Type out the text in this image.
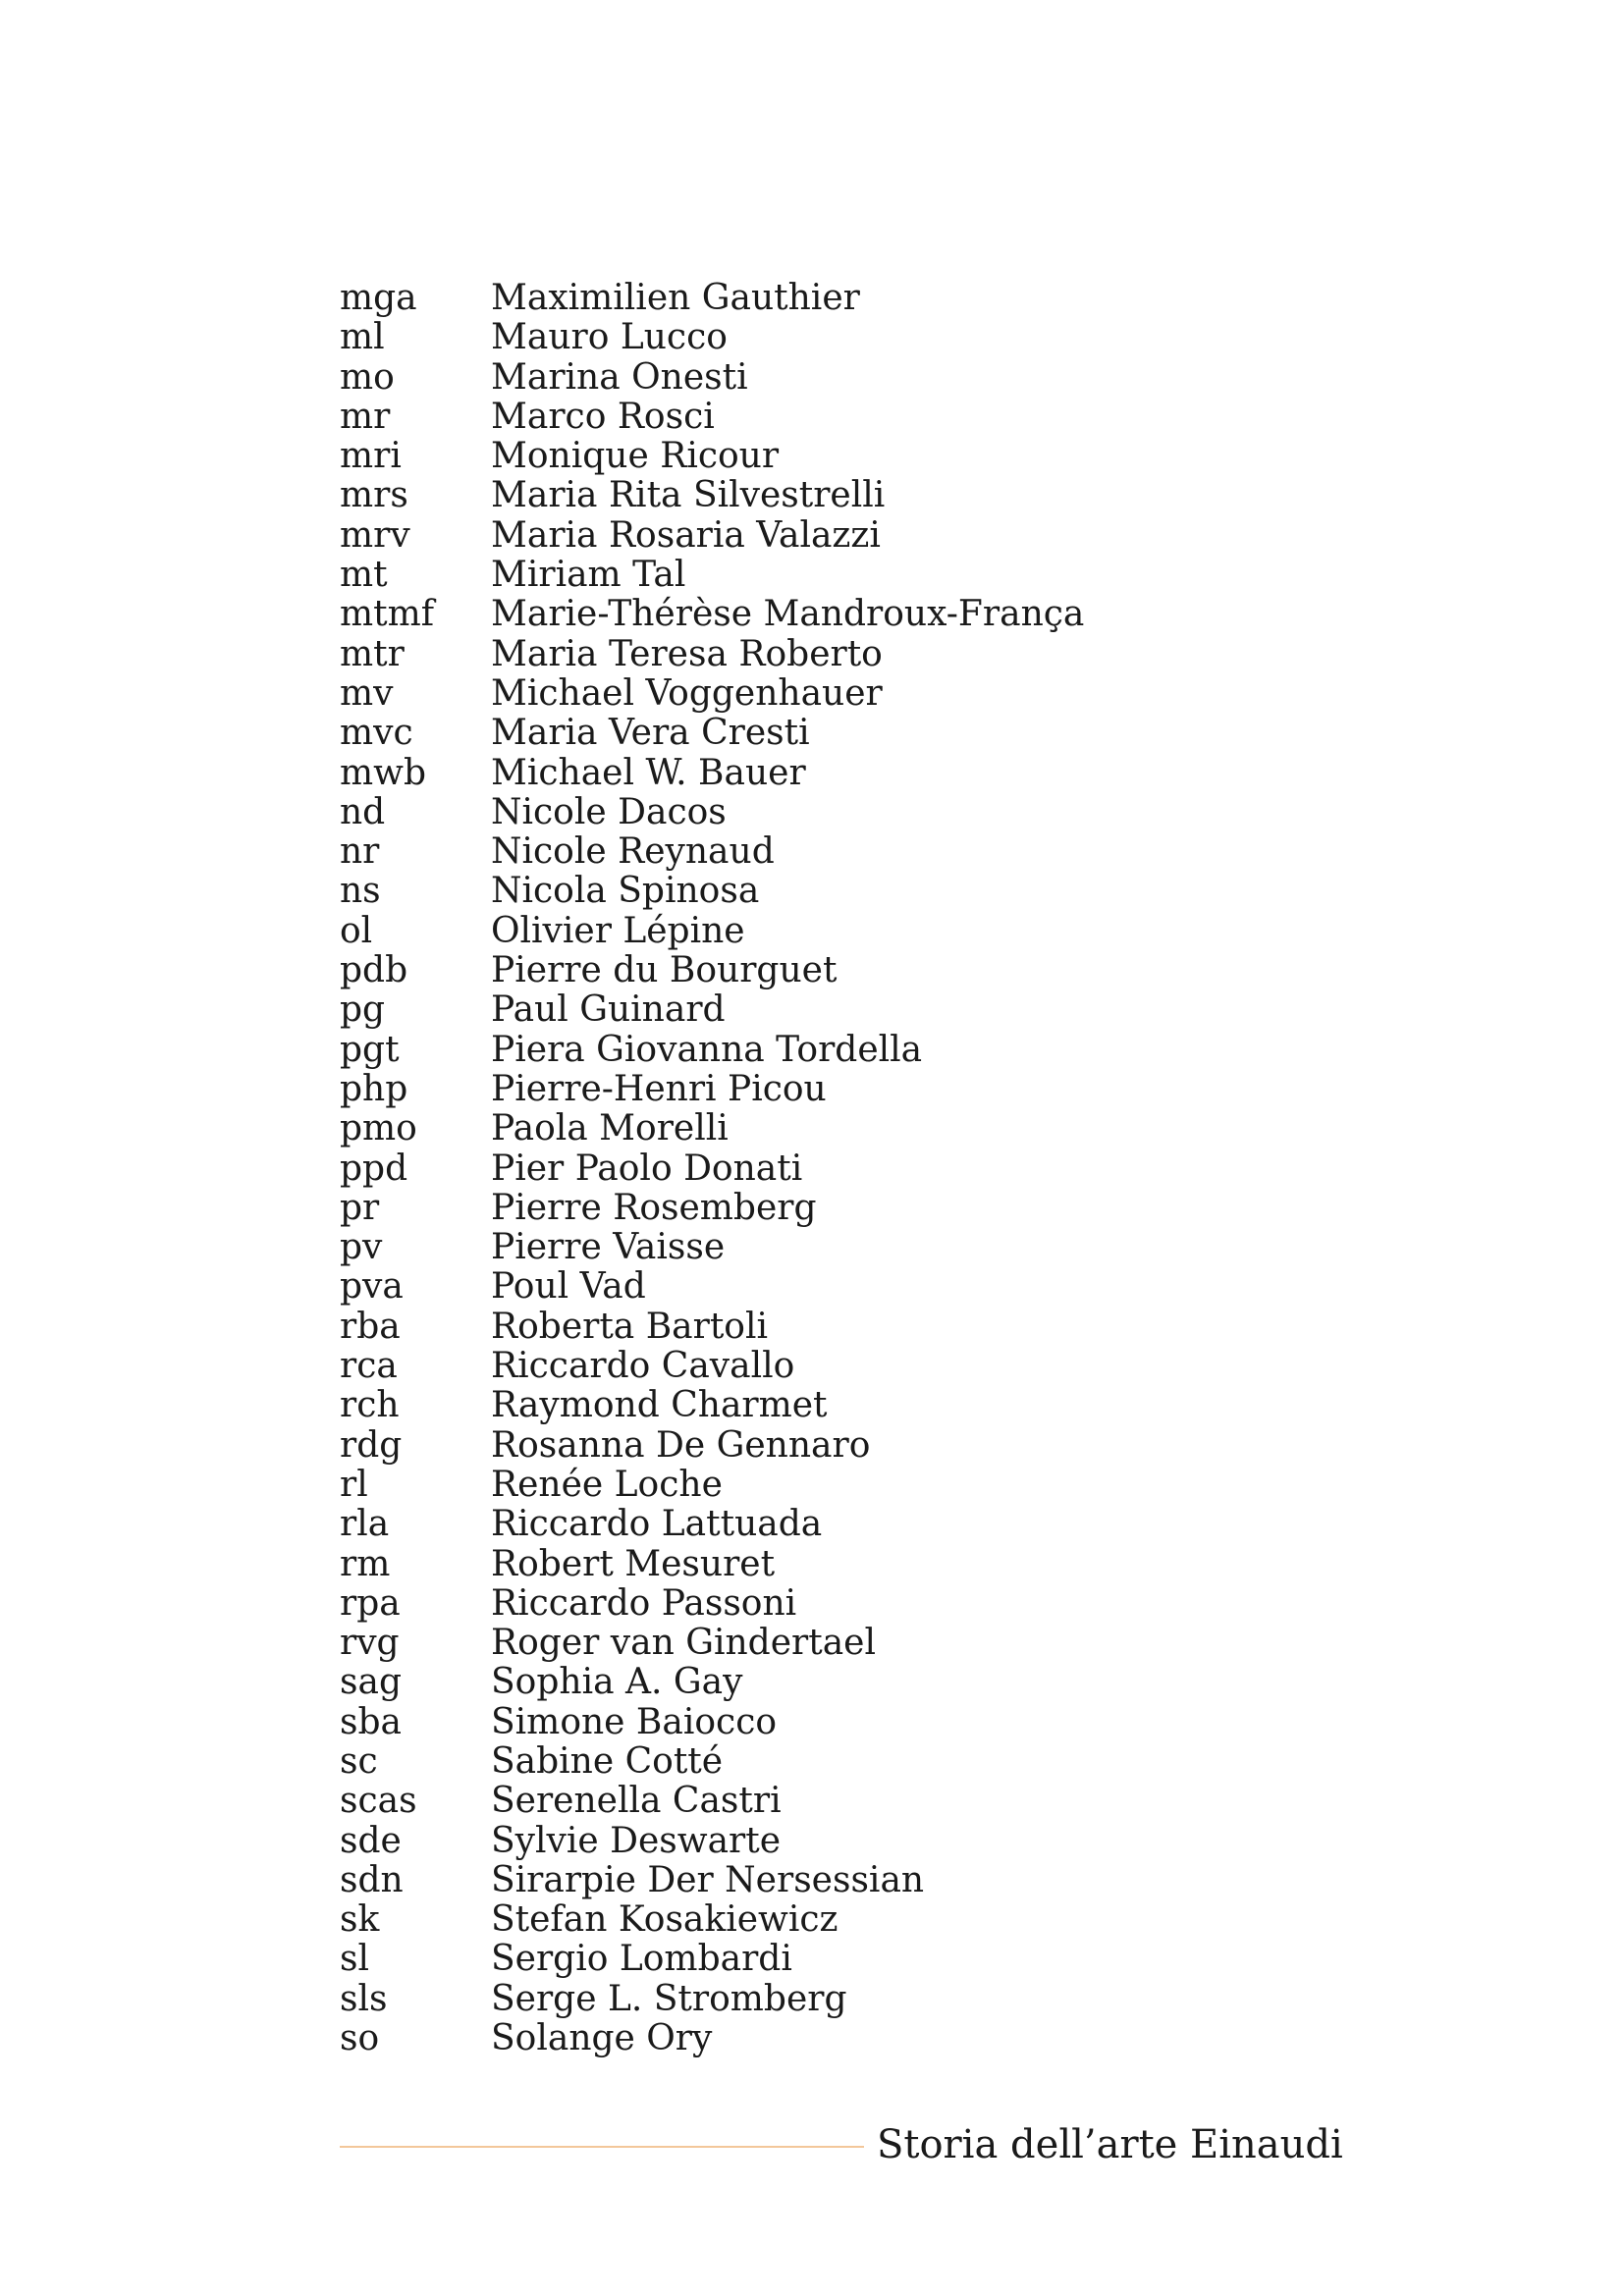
mga	Maximilien Gauthier
ml	Mauro Lucco
mo	Marina Onesti
mr	Marco Rosci
mri	Monique Ricour
mrs	Maria Rita Silvestrelli
mrv	Maria Rosaria Valazzi
mt	Miriam Tal
mtmf	Marie-Thérèse Mandroux-França
mtr	Maria Teresa Roberto
mv	Michael Voggenhauer
mvc	Maria Vera Cresti
mwb	Michael W. Bauer
nd	Nicole Dacos
nr	Nicole Reynaud
ns	Nicola Spinosa
ol	Olivier Lépine
pdb	Pierre du Bourguet
pg	Paul Guinard
pgt	Piera Giovanna Tordella
php	Pierre-Henri Picou
pmo	Paola Morelli
ppd	Pier Paolo Donati
pr	Pierre Rosemberg
pv	Pierre Vaisse
pva	Poul Vad
rba	Roberta Bartoli
rca	Riccardo Cavallo
rch	Raymond Charmet
rdg	Rosanna De Gennaro
rl	Renée Loche
rla	Riccardo Lattuada
rm	Robert Mesuret
rpa	Riccardo Passoni
rvg	Roger van Gindertael
sag	Sophia A. Gay
sba	Simone Baiocco
sc	Sabine Cotté
scas	Serenella Castri
sde	Sylvie Deswarte
sdn	Sirarpie Der Nersessian
sk	Stefan Kosakiewicz
sl	Sergio Lombardi
sls	Serge L. Stromberg
so	Solange Ory
Storia dell’arte Einaudi
